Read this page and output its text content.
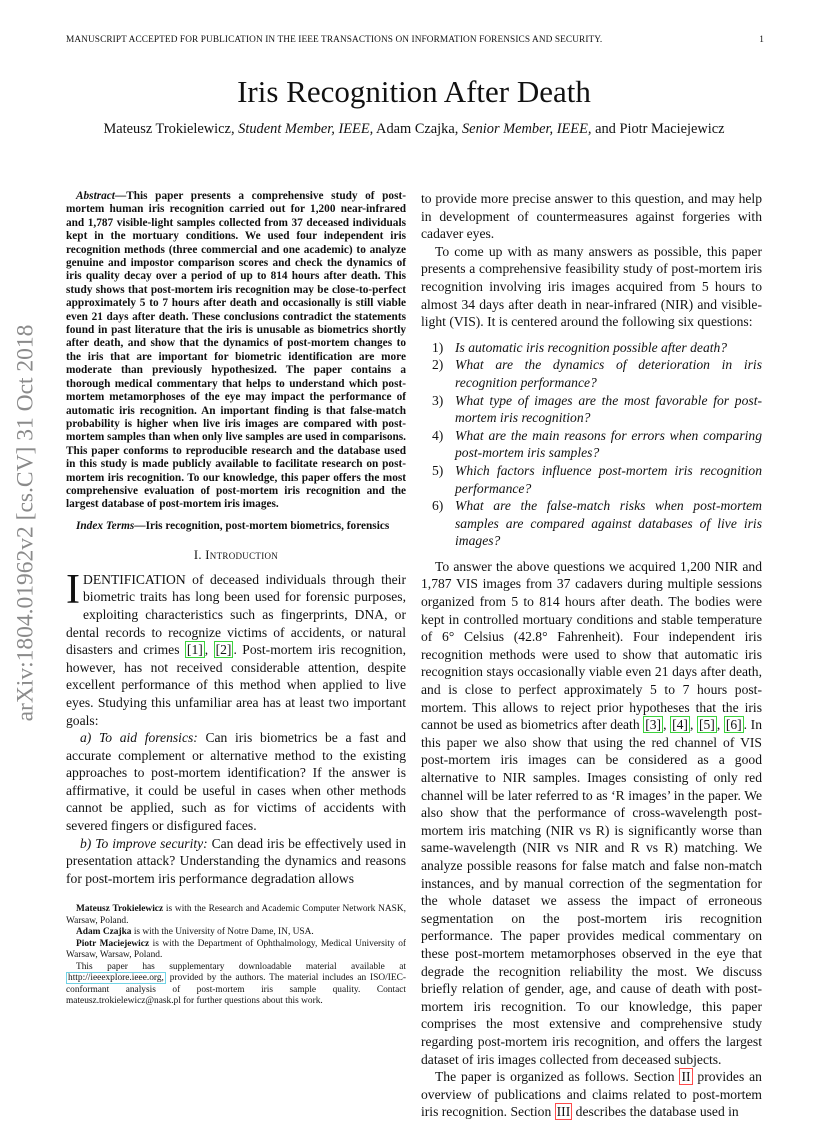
MANUSCRIPT ACCEPTED FOR PUBLICATION IN THE IEEE TRANSACTIONS ON INFORMATION FORENSICS AND SECURITY.	1
Iris Recognition After Death
Mateusz Trokielewicz, Student Member, IEEE, Adam Czajka, Senior Member, IEEE, and Piotr Maciejewicz
arXiv:1804.01962v2 [cs.CV] 31 Oct 2018
Abstract—This paper presents a comprehensive study of post-mortem human iris recognition carried out for 1,200 near-infrared and 1,787 visible-light samples collected from 37 deceased individuals kept in the mortuary conditions. We used four independent iris recognition methods (three commercial and one academic) to analyze genuine and impostor comparison scores and check the dynamics of iris quality decay over a period of up to 814 hours after death. This study shows that post-mortem iris recognition may be close-to-perfect approximately 5 to 7 hours after death and occasionally is still viable even 21 days after death. These conclusions contradict the statements found in past literature that the iris is unusable as biometrics shortly after death, and show that the dynamics of post-mortem changes to the iris that are important for biometric identification are more moderate than previously hypothesized. The paper contains a thorough medical commentary that helps to understand which post-mortem metamorphoses of the eye may impact the performance of automatic iris recognition. An important finding is that false-match probability is higher when live iris images are compared with post-mortem samples than when only live samples are used in comparisons. This paper conforms to reproducible research and the database used in this study is made publicly available to facilitate research on post-mortem iris recognition. To our knowledge, this paper offers the most comprehensive evaluation of post-mortem iris recognition and the largest database of post-mortem iris images.
Index Terms—Iris recognition, post-mortem biometrics, forensics
I. Introduction

IDENTIFICATION of deceased individuals through their biometric traits has long been used for forensic purposes, exploiting characteristics such as fingerprints, DNA, or dental records to recognize victims of accidents, or natural disasters and crimes [1] , [2] . Post-mortem iris recognition, however, has not received considerable attention, despite excellent performance of this method when applied to live eyes. Studying this unfamiliar area has at least two important goals:

a) To aid forensics: Can iris biometrics be a fast and accurate complement or alternative method to the existing approaches to post-mortem identification? If the answer is affirmative, it could be useful in cases when other methods cannot be applied, such as for victims of accidents with severed fingers or disfigured faces.

b) To improve security: Can dead iris be effectively used in presentation attack? Understanding the dynamics and reasons for post-mortem iris performance degradation allows

Mateusz Trokielewicz is with the Research and Academic Computer Network NASK, Warsaw, Poland.

Adam Czajka is with the University of Notre Dame, IN, USA.

Piotr Maciejewicz is with the Department of Ophthalmology, Medical University of Warsaw, Warsaw, Poland.

This paper has supplementary downloadable material available at http://ieeexplore.ieee.org, provided by the authors. The material includes an ISO/IEC-conformant analysis of post-mortem iris sample quality. Contact mateusz.trokielewicz@nask.pl for further questions about this work.

to provide more precise answer to this question, and may help in development of countermeasures against forgeries with cadaver eyes.

To come up with as many answers as possible, this paper presents a comprehensive feasibility study of post-mortem iris recognition involving iris images acquired from 5 hours to almost 34 days after death in near-infrared (NIR) and visible-light (VIS). It is centered around the following six questions:

1) Is automatic iris recognition possible after death?
2) What are the dynamics of deterioration in iris recognition performance?
3) What type of images are the most favorable for post-mortem iris recognition?
4) What are the main reasons for errors when comparing post-mortem iris samples?
5) Which factors influence post-mortem iris recognition performance?
6) What are the false-match risks when post-mortem samples are compared against databases of live iris images?

To answer the above questions we acquired 1,200 NIR and 1,787 VIS images from 37 cadavers during multiple sessions organized from 5 to 814 hours after death. The bodies were kept in controlled mortuary conditions and stable temperature of 6° Celsius (42.8° Fahrenheit). Four independent iris recognition methods were used to show that automatic iris recognition stays occasionally viable even 21 days after death, and is close to perfect approximately 5 to 7 hours post-mortem. This allows to reject prior hypotheses that the iris cannot be used as biometrics after death [3] , [4] , [5] , [6] . In this paper we also show that using the red channel of VIS post-mortem iris images can be considered as a good alternative to NIR samples. Images consisting of only red channel will be later referred to as ‘R images’ in the paper. We also show that the performance of cross-wavelength post-mortem iris matching (NIR vs R) is significantly worse than same-wavelength (NIR vs NIR and R vs R) matching. We analyze possible reasons for false match and false non-match instances, and by manual correction of the segmentation for the whole dataset we assess the impact of erroneous segmentation on the post-mortem iris recognition performance. The paper provides medical commentary on these post-mortem metamorphoses observed in the eye that degrade the recognition reliability the most. We discuss briefly relation of gender, age, and cause of death with post-mortem iris recognition. To our knowledge, this paper comprises the most extensive and comprehensive study regarding post-mortem iris recognition, and offers the largest dataset of iris images collected from deceased subjects.

The paper is organized as follows. Section II provides an overview of publications and claims related to post-mortem iris recognition. Section III describes the database used in
